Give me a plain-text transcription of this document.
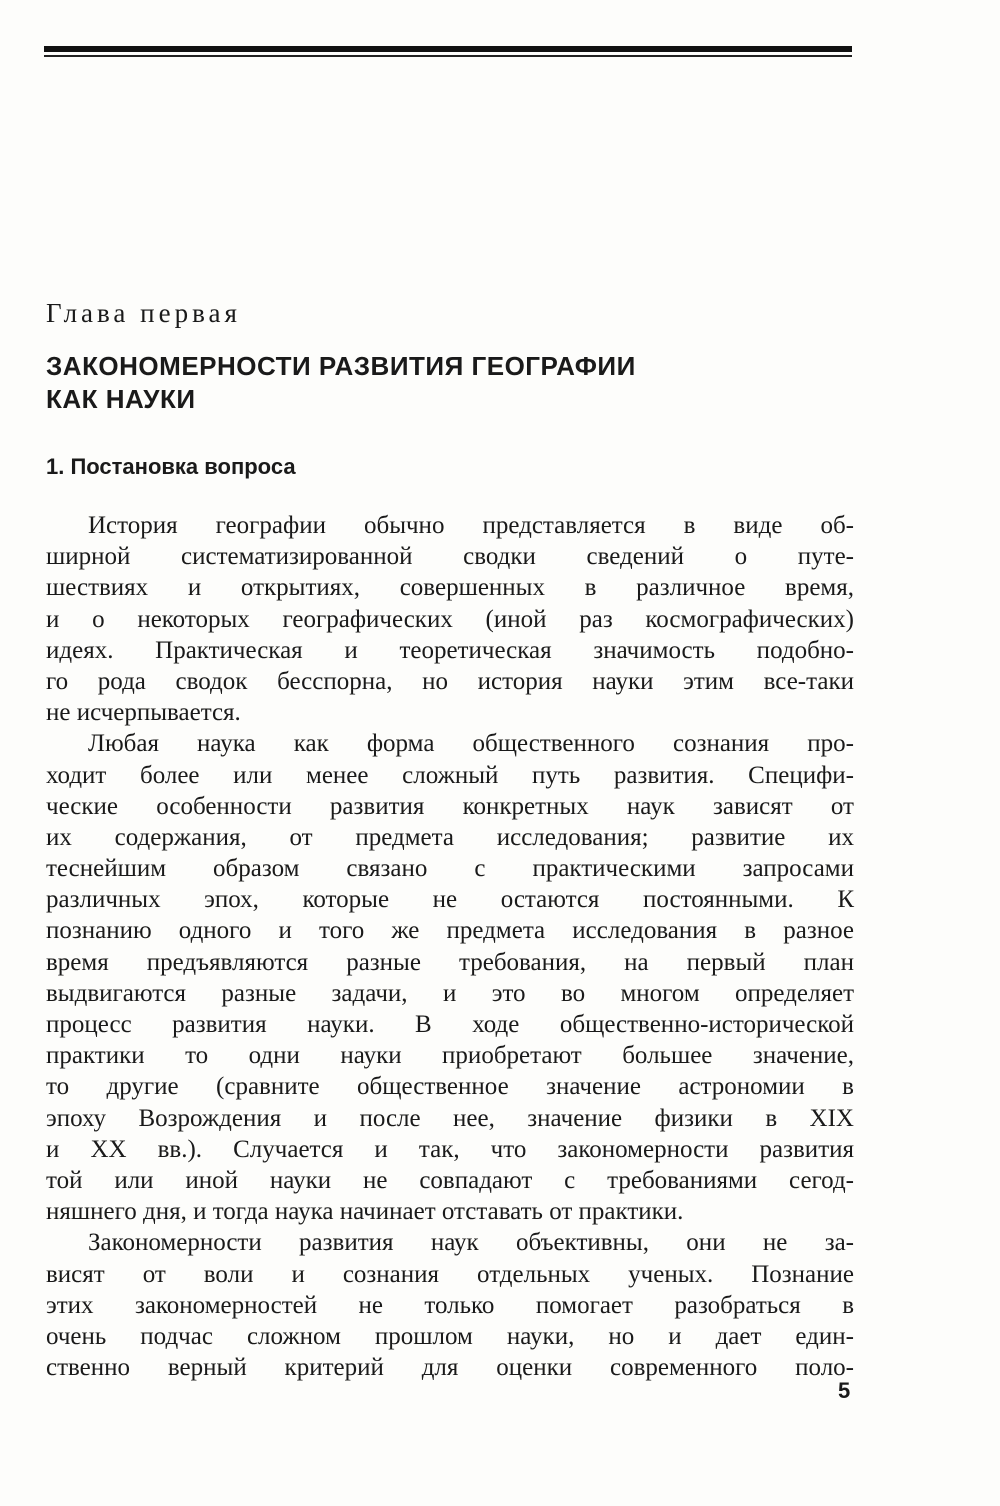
Глава первая
ЗАКОНОМЕРНОСТИ РАЗВИТИЯ ГЕОГРАФИИ
КАК НАУКИ
1. Постановка вопроса
История географии обычно представляется в виде об-
ширной систематизированной сводки сведений о путе-
шествиях и открытиях, совершенных в различное время,
и о некоторых географических (иной раз космографических)
идеях. Практическая и теоретическая значимость подобно-
го рода сводок бесспорна, но история науки этим все-таки
не исчерпывается.
Любая наука как форма общественного сознания про-
ходит более или менее сложный путь развития. Специфи-
ческие особенности развития конкретных наук зависят от
их содержания, от предмета исследования; развитие их
теснейшим образом связано с практическими запросами
различных эпох, которые не остаются постоянными. К
познанию одного и того же предмета исследования в разное
время предъявляются разные требования, на первый план
выдвигаются разные задачи, и это во многом определяет
процесс развития науки. В ходе общественно-исторической
практики то одни науки приобретают большее значение,
то другие (сравните общественное значение астрономии в
эпоху Возрождения и после нее, значение физики в XIX
и XX вв.). Случается и так, что закономерности развития
той или иной науки не совпадают с требованиями сегод-
няшнего дня, и тогда наука начинает отставать от практики.
Закономерности развития наук объективны, они не за-
висят от воли и сознания отдельных ученых. Познание
этих закономерностей не только помогает разобраться в
очень подчас сложном прошлом науки, но и дает един-
ственно верный критерий для оценки современного поло-
5
